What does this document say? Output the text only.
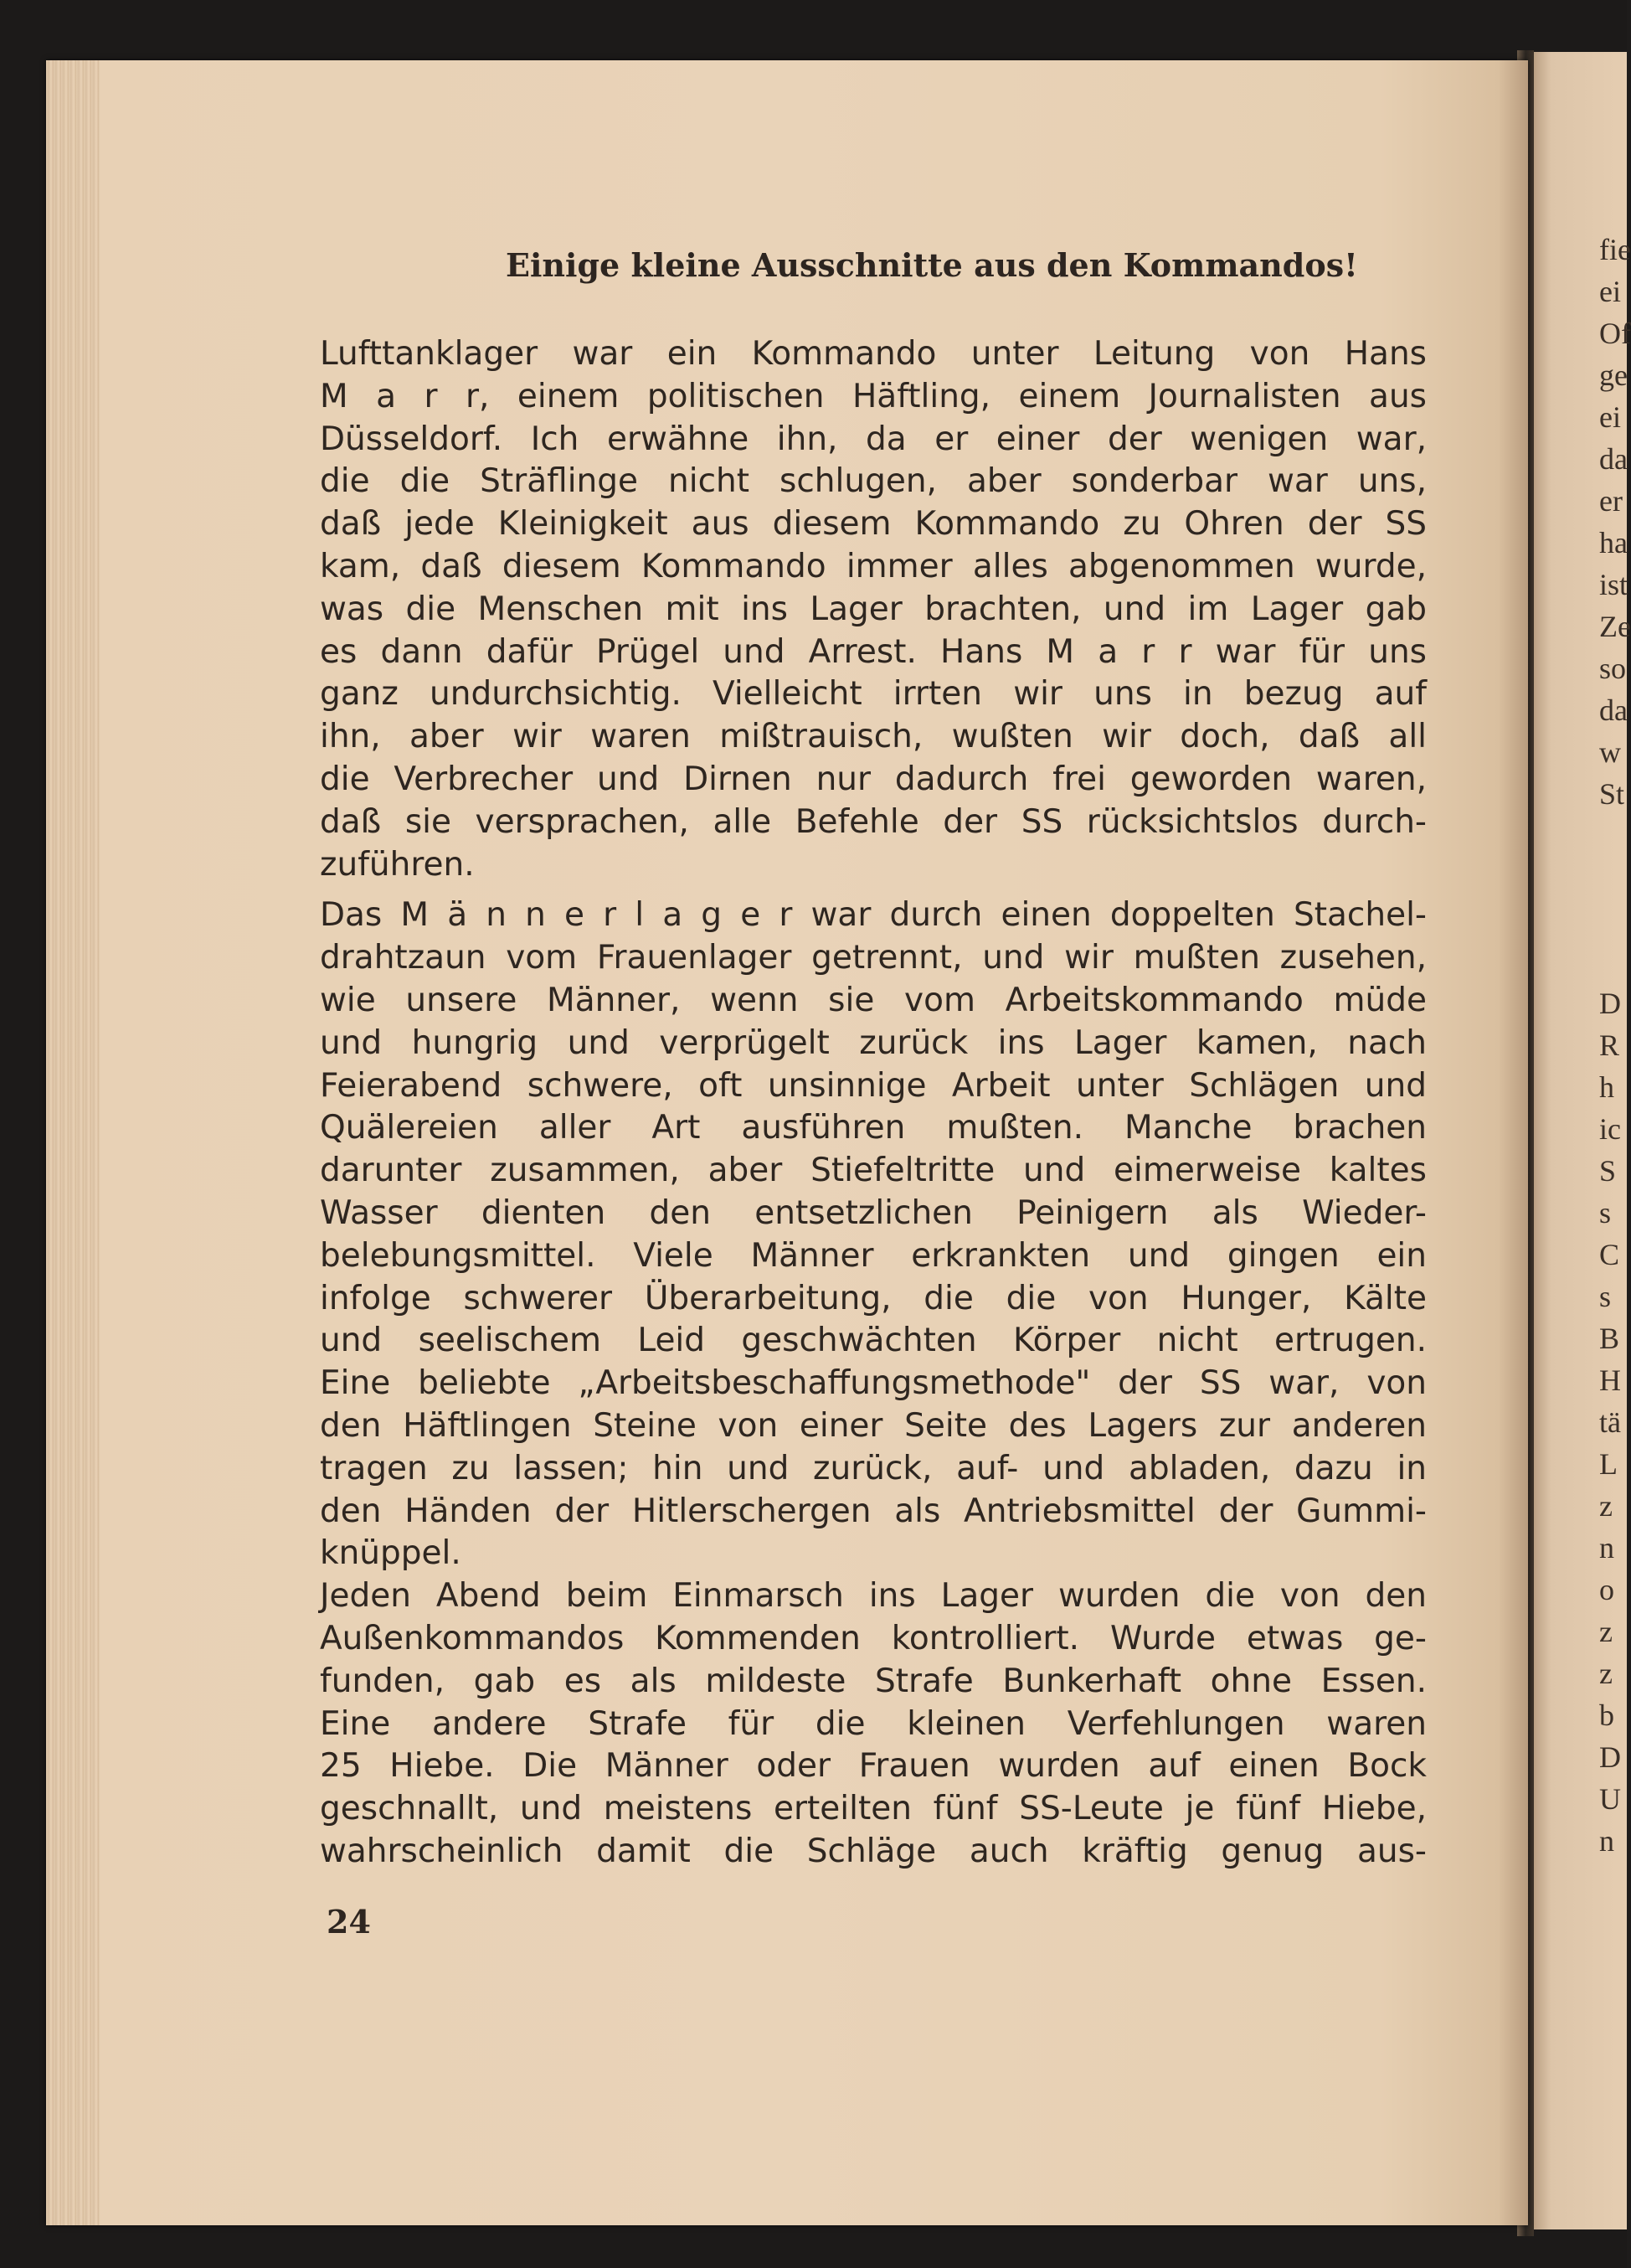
fie
ei
Of
ge
ei
da
er
ha
ist
Ze
so
da
w
St
D
R
h
ic
S
s
C
s
B
H
tä
L
z
n
o
z
z
b
D
U
n
Einige kleine Ausschnitte aus den Kommandos!

Lufttanklager war ein Kommando unter Leitung von Hans
M a r r, einem politischen Häftling, einem Journalisten aus
Düsseldorf. Ich erwähne ihn, da er einer der wenigen war,
die die Sträflinge nicht schlugen, aber sonderbar war uns,
daß jede Kleinigkeit aus diesem Kommando zu Ohren der SS
kam, daß diesem Kommando immer alles abgenommen wurde,
was die Menschen mit ins Lager brachten, und im Lager gab
es dann dafür Prügel und Arrest. Hans M a r r war für uns
ganz undurchsichtig. Vielleicht irrten wir uns in bezug auf
ihn, aber wir waren mißtrauisch, wußten wir doch, daß all
die Verbrecher und Dirnen nur dadurch frei geworden waren,
daß sie versprachen, alle Befehle der SS rücksichtslos durch-
zuführen.

Das M ä n n e r l a g e r war durch einen doppelten Stachel-
drahtzaun vom Frauenlager getrennt, und wir mußten zusehen,
wie unsere Männer, wenn sie vom Arbeitskommando müde
und hungrig und verprügelt zurück ins Lager kamen, nach
Feierabend schwere, oft unsinnige Arbeit unter Schlägen und
Quälereien aller Art ausführen mußten. Manche brachen
darunter zusammen, aber Stiefeltritte und eimerweise kaltes
Wasser dienten den entsetzlichen Peinigern als Wieder-
belebungsmittel. Viele Männer erkrankten und gingen ein
infolge schwerer Überarbeitung, die die von Hunger, Kälte
und seelischem Leid geschwächten Körper nicht ertrugen.

Eine beliebte „Arbeitsbeschaffungsmethode" der SS war, von
den Häftlingen Steine von einer Seite des Lagers zur anderen
tragen zu lassen; hin und zurück, auf- und abladen, dazu in
den Händen der Hitlerschergen als Antriebsmittel der Gummi-
knüppel.

Jeden Abend beim Einmarsch ins Lager wurden die von den
Außenkommandos Kommenden kontrolliert. Wurde etwas ge-
funden, gab es als mildeste Strafe Bunkerhaft ohne Essen.
Eine andere Strafe für die kleinen Verfehlungen waren
25 Hiebe. Die Männer oder Frauen wurden auf einen Bock
geschnallt, und meistens erteilten fünf SS-Leute je fünf Hiebe,
wahrscheinlich damit die Schläge auch kräftig genug aus-

24
